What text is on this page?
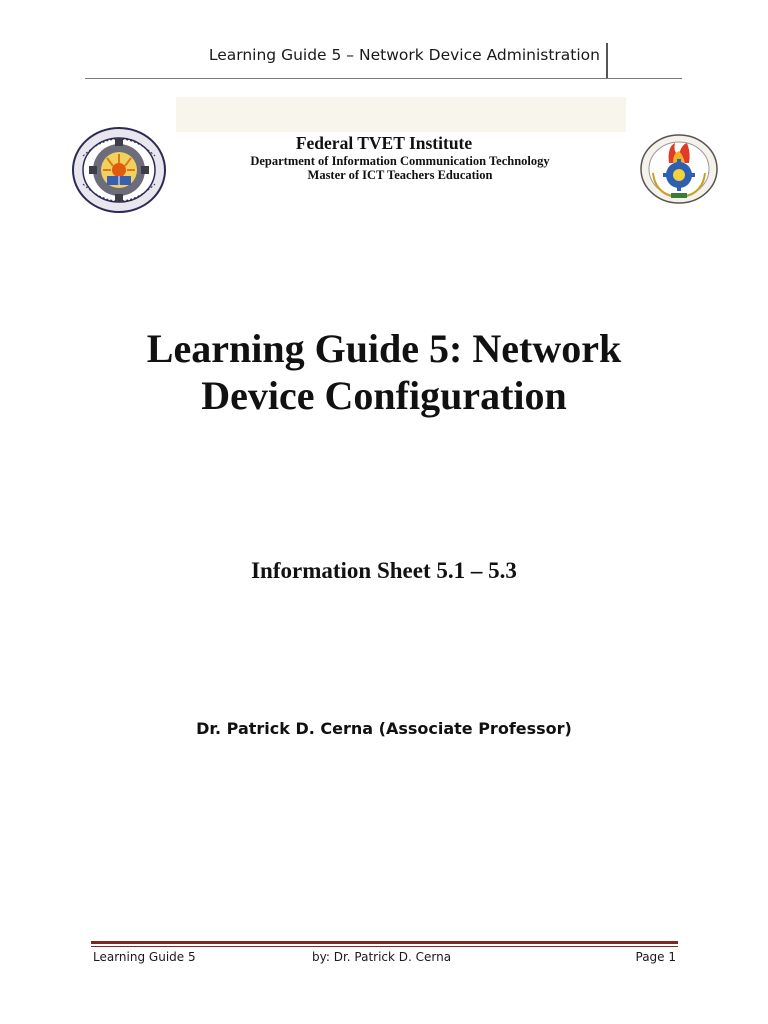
Learning Guide 5 – Network Device Administration
Federal TVET Institute
Department of Information Communication Technology
Master of ICT Teachers Education
Learning Guide 5: Network
Device Configuration
Information Sheet 5.1 – 5.3
Dr. Patrick D. Cerna (Associate Professor)
Learning Guide 5	by: Dr. Patrick D. Cerna	Page 1
